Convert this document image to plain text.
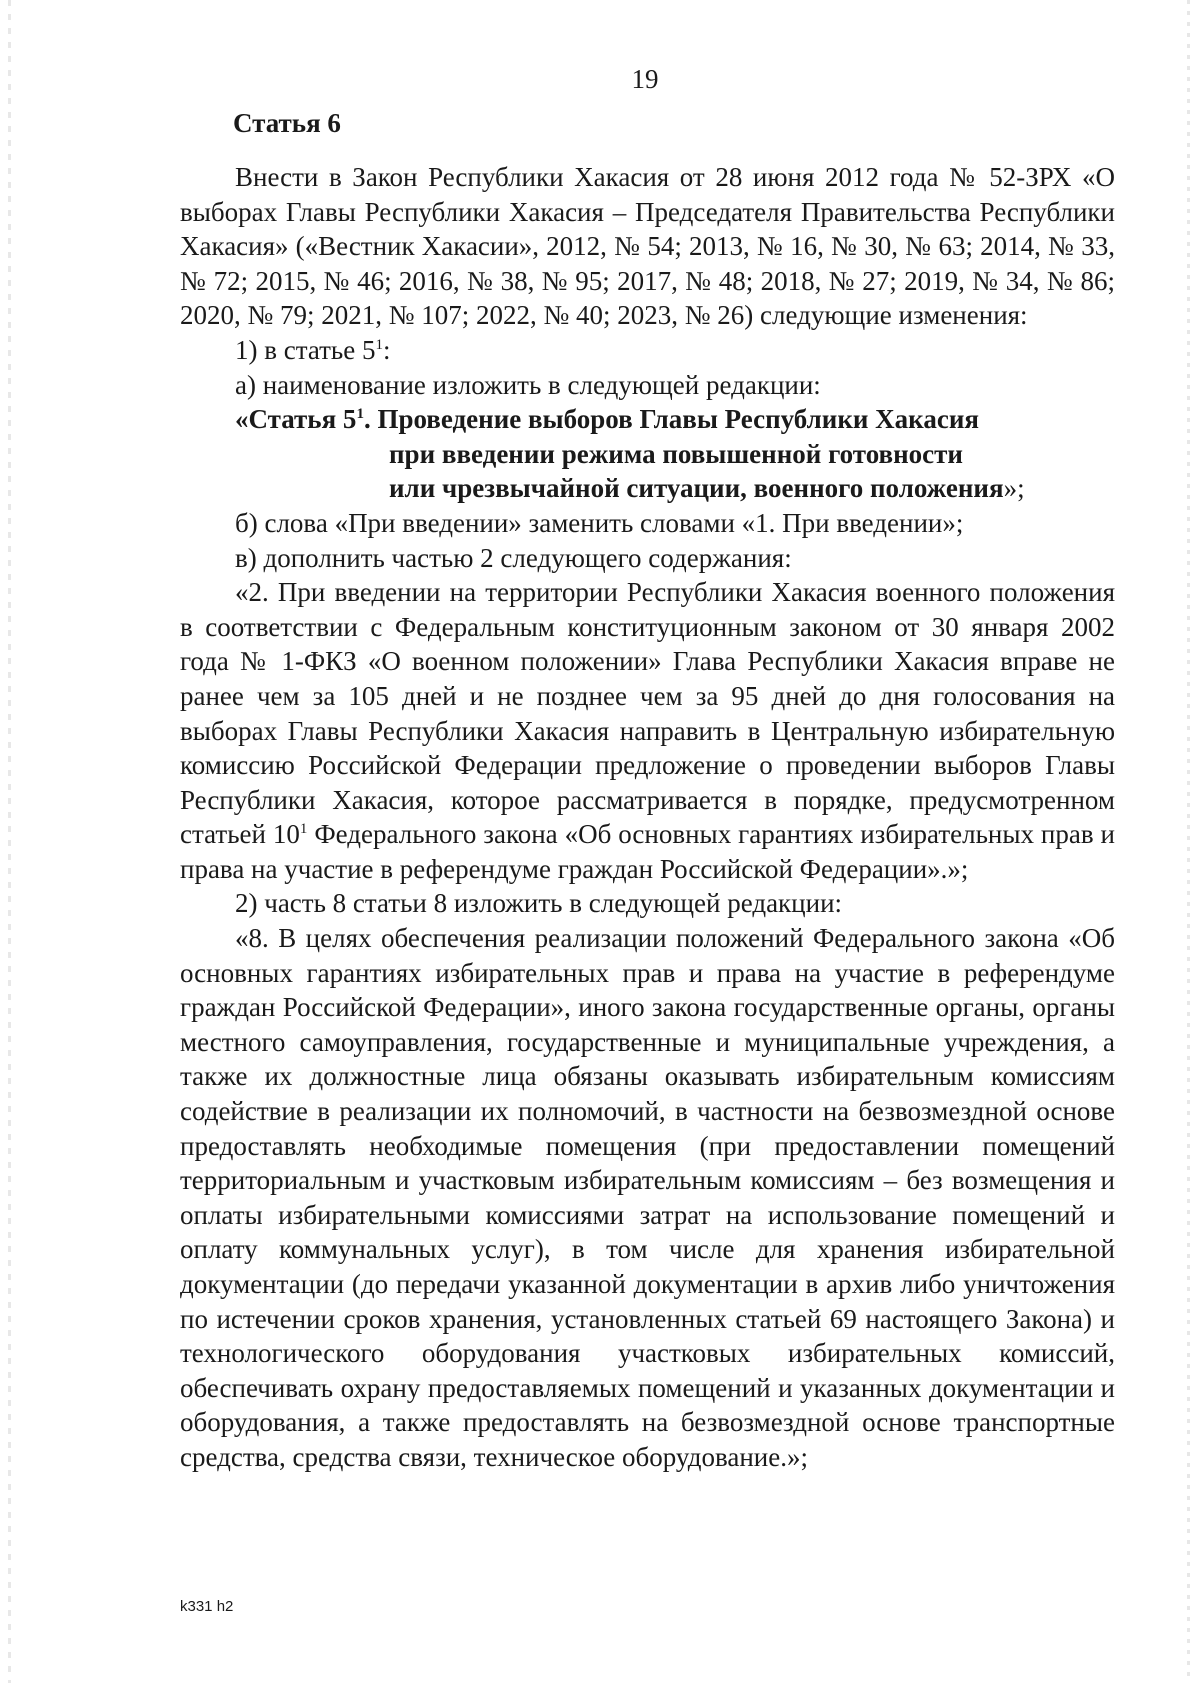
19
Статья 6

Внести в Закон Республики Хакасия от 28 июня 2012 года № 52-ЗРХ «О выборах Главы Республики Хакасия – Председателя Правительства Республики Хакасия» («Вестник Хакасии», 2012, № 54; 2013, № 16, № 30, № 63; 2014, № 33, № 72; 2015, № 46; 2016, № 38, № 95; 2017, № 48; 2018, № 27; 2019, № 34, № 86; 2020, № 79; 2021, № 107; 2022, № 40; 2023, № 26) следующие изменения:

1) в статье $5^1$:

а) наименование изложить в следующей редакции:

«Статья $5^1$. Проведение выборов Главы Республики Хакасия
при введении режима повышенной готовности
или чрезвычайной ситуации, военного положения»;

б) слова «При введении» заменить словами «1. При введении»;

в) дополнить частью 2 следующего содержания:

«2. При введении на территории Республики Хакасия военного положения в соответствии с Федеральным конституционным законом от 30 января 2002 года № 1-ФКЗ «О военном положении» Глава Республики Хакасия вправе не ранее чем за 105 дней и не позднее чем за 95 дней до дня голосования на выборах Главы Республики Хакасия направить в Центральную избирательную комиссию Российской Федерации предложение о проведении выборов Главы Республики Хакасия, которое рассматривается в порядке, предусмотренном статьей $10^1$ Федерального закона «Об основных гарантиях избирательных прав и права на участие в референдуме граждан Российской Федерации».»;

2) часть 8 статьи 8 изложить в следующей редакции:

«8. В целях обеспечения реализации положений Федерального закона «Об основных гарантиях избирательных прав и права на участие в референдуме граждан Российской Федерации», иного закона государственные органы, органы местного самоуправления, государственные и муниципальные учреждения, а также их должностные лица обязаны оказывать избирательным комиссиям содействие в реализации их полномочий, в частности на безвозмездной основе предоставлять необходимые помещения (при предоставлении помещений территориальным и участковым избирательным комиссиям – без возмещения и оплаты избирательными комиссиями затрат на использование помещений и оплату коммунальных услуг), в том числе для хранения избирательной документации (до передачи указанной документации в архив либо уничтожения по истечении сроков хранения, установленных статьей 69 настоящего Закона) и технологического оборудования участковых избирательных комиссий, обеспечивать охрану предоставляемых помещений и указанных документации и оборудования, а также предоставлять на безвозмездной основе транспортные средства, средства связи, техническое оборудование.»;

k331 h2
